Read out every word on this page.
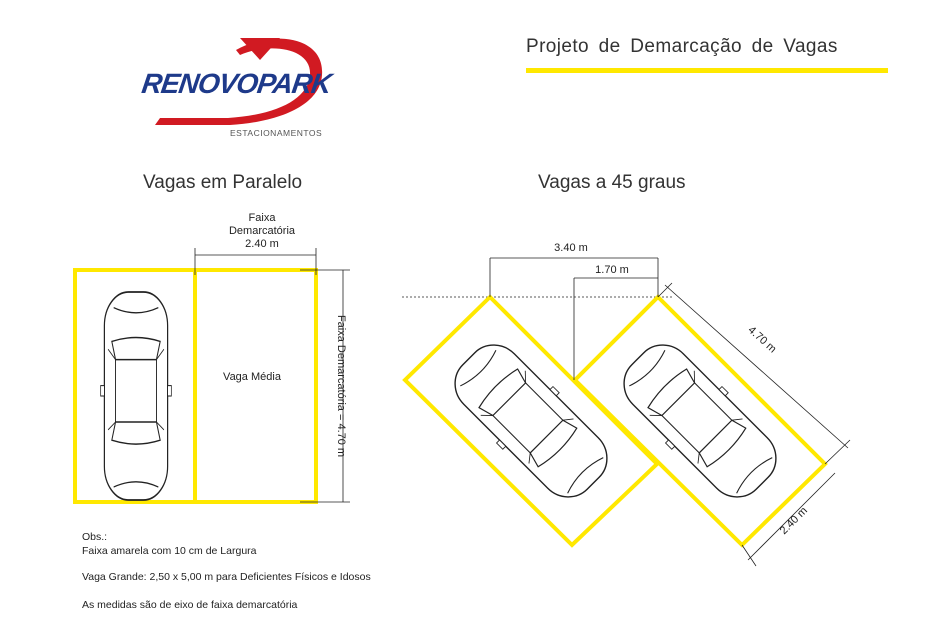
RENOVOPARK
ESTACIONAMENTOS
Projeto de Demarcação de Vagas
Vagas em Paralelo	Vagas a 45 graus
Faixa
Demarcatória
2.40 m
Vaga Média	Faixa Demarcatória = 4.70 m
3.40 m
1.70 m
4.70 m
2.40 m
Obs.:
Faixa amarela com 10 cm de Largura
Vaga Grande: 2,50 x 5,00 m para Deficientes Físicos e Idosos
As medidas são de eixo de faixa demarcatória
